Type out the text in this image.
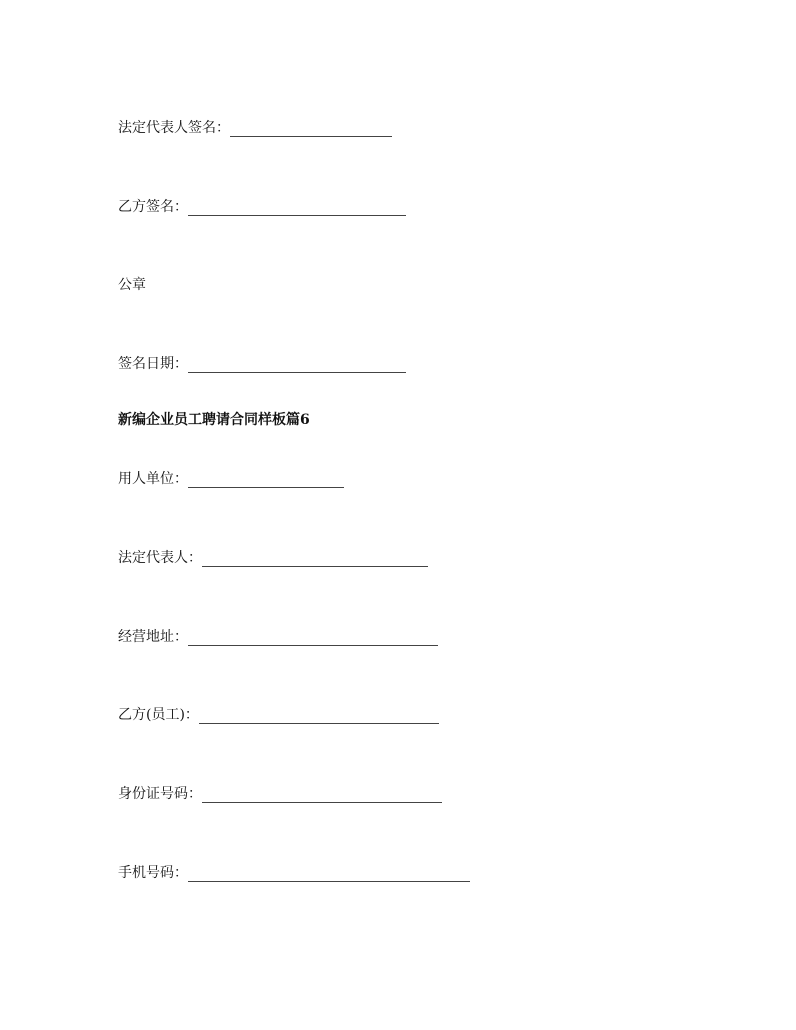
法定代表人签名：
乙方签名：
公章
签名日期：
新编企业员工聘请合同样板篇6
用人单位：
法定代表人：
经营地址：
乙方(员工)：
身份证号码：
手机号码：
